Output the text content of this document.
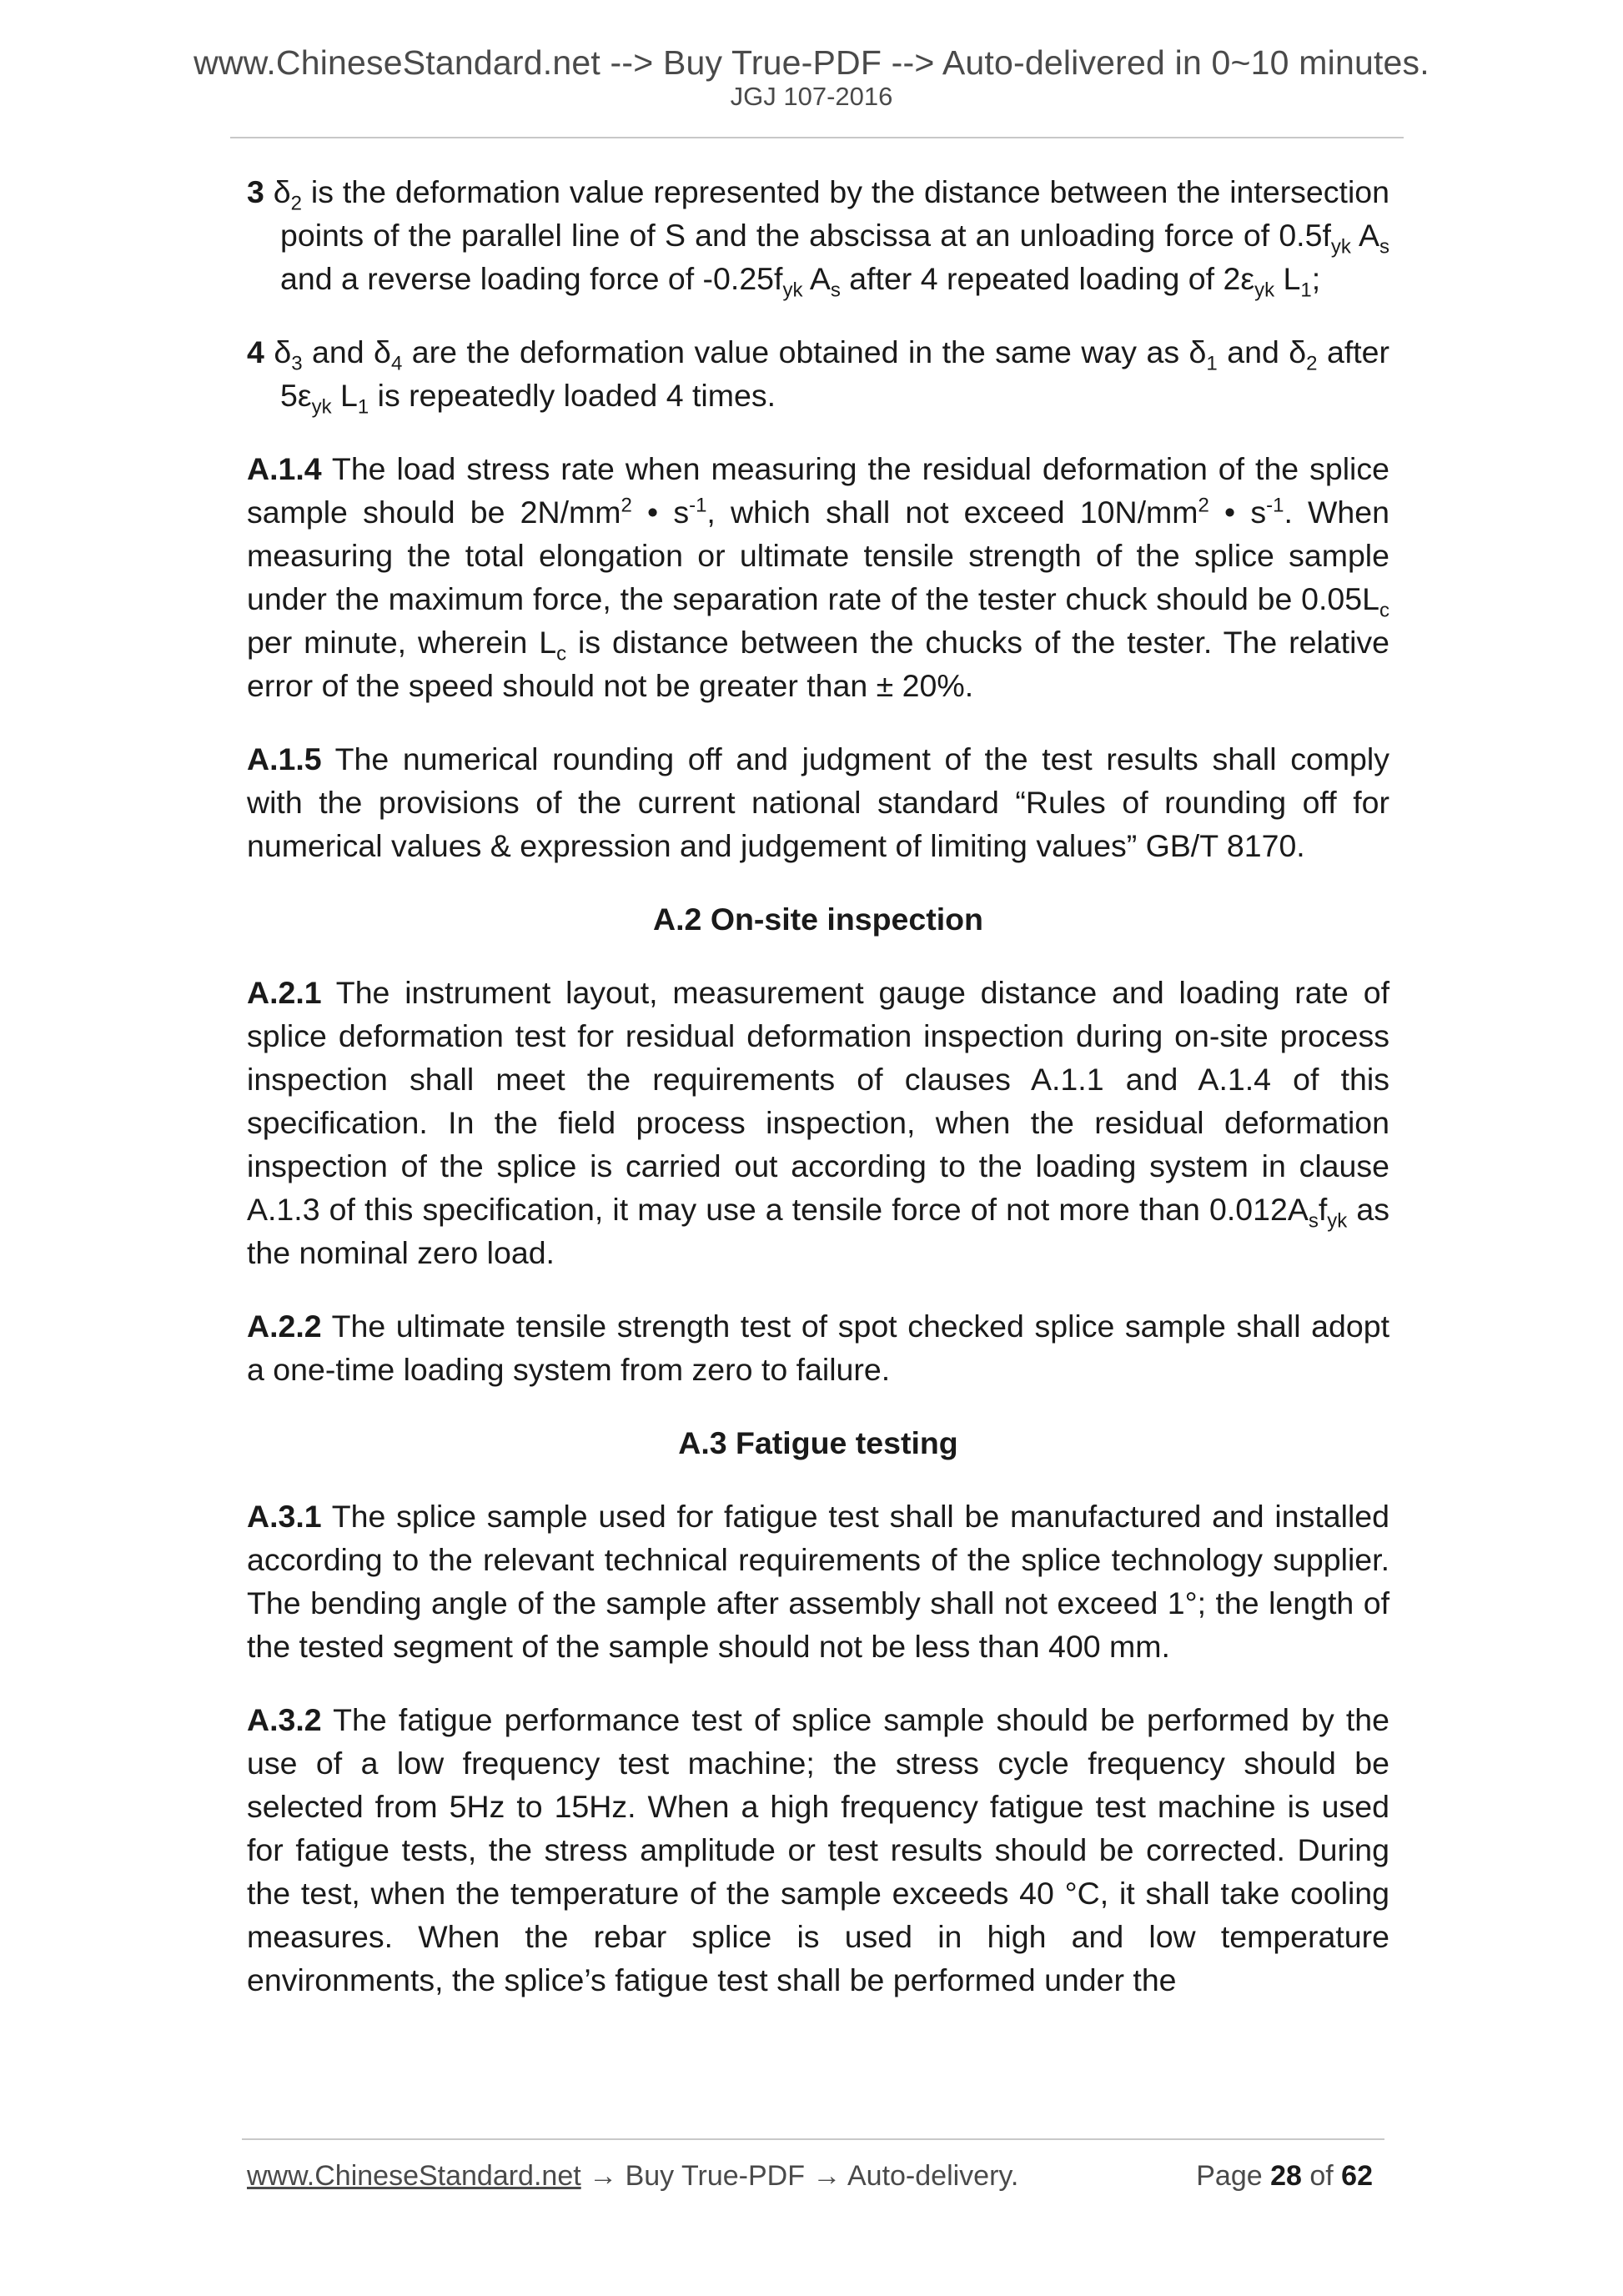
www.ChineseStandard.net --> Buy True-PDF --> Auto-delivered in 0~10 minutes.
JGJ 107-2016

3 $\delta_2$ is the deformation value represented by the distance between the intersection points of the parallel line of S and the abscissa at an unloading force of $0.5f_{yk}$ $A_s$ and a reverse loading force of $-0.25f_{yk}$ $A_s$ after 4 repeated loading of $2\varepsilon_{yk}$ $L_1$;

4 $\delta_3$ and $\delta_4$ are the deformation value obtained in the same way as $\delta_1$ and $\delta_2$ after $5\varepsilon_{yk}$ $L_1$ is repeatedly loaded 4 times.

A.1.4 The load stress rate when measuring the residual deformation of the splice sample should be $2N/mm^2$ • $s^{-1}$, which shall not exceed $10N/mm^2$ • $s^{-1}$. When measuring the total elongation or ultimate tensile strength of the splice sample under the maximum force, the separation rate of the tester chuck should be $0.05L_c$ per minute, wherein $L_c$ is distance between the chucks of the tester. The relative error of the speed should not be greater than ± 20%.

A.1.5 The numerical rounding off and judgment of the test results shall comply with the provisions of the current national standard “Rules of rounding off for numerical values & expression and judgement of limiting values” GB/T 8170.

A.2 On-site inspection

A.2.1 The instrument layout, measurement gauge distance and loading rate of splice deformation test for residual deformation inspection during on-site process inspection shall meet the requirements of clauses A.1.1 and A.1.4 of this specification. In the field process inspection, when the residual deformation inspection of the splice is carried out according to the loading system in clause A.1.3 of this specification, it may use a tensile force of not more than $0.012A_sf_{yk}$ as the nominal zero load.

A.2.2 The ultimate tensile strength test of spot checked splice sample shall adopt a one-time loading system from zero to failure.

A.3 Fatigue testing

A.3.1 The splice sample used for fatigue test shall be manufactured and installed according to the relevant technical requirements of the splice technology supplier. The bending angle of the sample after assembly shall not exceed 1°; the length of the tested segment of the sample should not be less than 400 mm.

A.3.2 The fatigue performance test of splice sample should be performed by the use of a low frequency test machine; the stress cycle frequency should be selected from 5Hz to 15Hz. When a high frequency fatigue test machine is used for fatigue tests, the stress amplitude or test results should be corrected. During the test, when the temperature of the sample exceeds 40 °C, it shall take cooling measures. When the rebar splice is used in high and low temperature environments, the splice’s fatigue test shall be performed under the

www.ChineseStandard.net → Buy True-PDF → Auto-delivery.	Page 28 of 62
